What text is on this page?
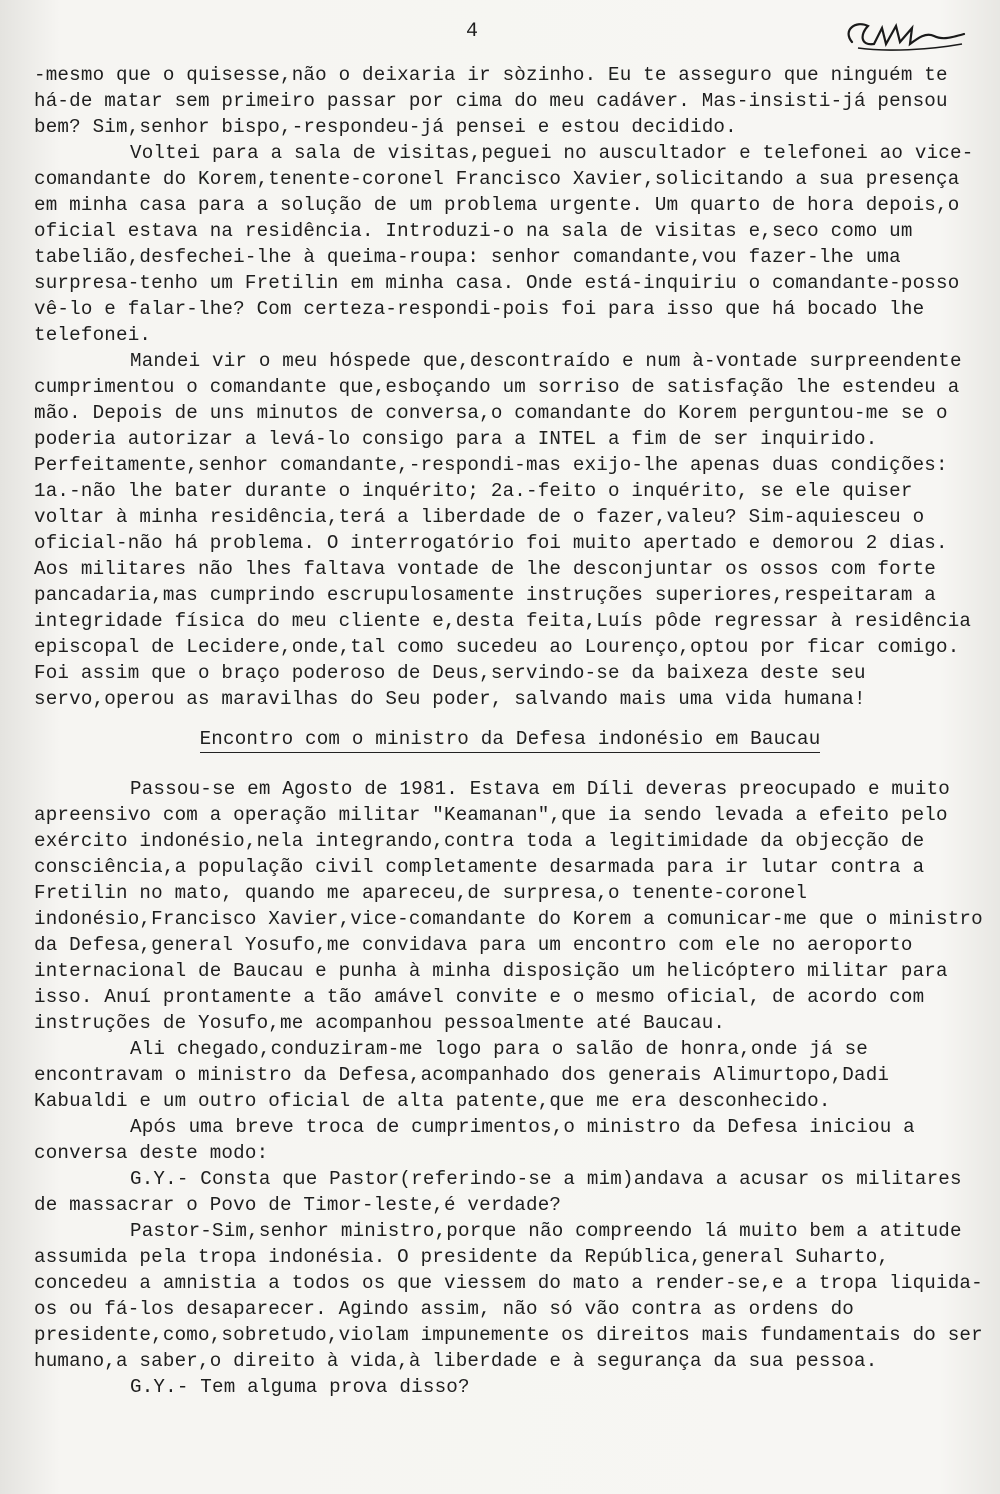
4

-mesmo que o quisesse,não o deixaria ir sòzinho. Eu te asseguro que ninguém te há-de matar sem primeiro passar por cima do meu cadáver. Mas-insisti-já pensou bem? Sim,senhor bispo,-respondeu-já pensei e estou decidido.

Voltei para a sala de visitas,peguei no auscultador e telefonei ao vice-comandante do Korem,tenente-coronel Francisco Xavier,solicitando a sua presença em minha casa para a solução de um problema urgente. Um quarto de hora depois,o oficial estava na residência. Introduzi-o na sala de visitas e,seco como um tabelião,desfechei-lhe à queima-roupa: senhor comandante,vou fazer-lhe uma surpresa-tenho um Fretilin em minha casa. Onde está-inquiriu o comandante-posso vê-lo e falar-lhe? Com certeza-respondi-pois foi para isso que há bocado lhe telefonei.

Mandei vir o meu hóspede que,descontraído e num à-vontade surpreendente cumprimentou o comandante que,esboçando um sorriso de satisfação lhe estendeu a mão. Depois de uns minutos de conversa,o comandante do Korem perguntou-me se o poderia autorizar a levá-lo consigo para a INTEL a fim de ser inquirido. Perfeitamente,senhor comandante,-respondi-mas exijo-lhe apenas duas condições: 1a.-não lhe bater durante o inquérito; 2a.-feito o inquérito, se ele quiser voltar à minha residência,terá a liberdade de o fazer,valeu? Sim-aquiesceu o oficial-não há problema. O interrogatório foi muito apertado e demorou 2 dias. Aos militares não lhes faltava vontade de lhe desconjuntar os ossos com forte pancadaria,mas cumprindo escrupulosamente instruções superiores,respeitaram a integridade física do meu cliente e,desta feita,Luís pôde regressar à residência episcopal de Lecidere,onde,tal como sucedeu ao Lourenço,optou por ficar comigo. Foi assim que o braço poderoso de Deus,servindo-se da baixeza deste seu servo,operou as maravilhas do Seu poder, salvando mais uma vida humana!

Encontro com o ministro da Defesa indonésio em Baucau

Passou-se em Agosto de 1981. Estava em Díli deveras preocupado e muito apreensivo com a operação militar "Keamanan",que ia sendo levada a efeito pelo exército indonésio,nela integrando,contra toda a legitimidade da objecção de consciência,a população civil completamente desarmada para ir lutar contra a Fretilin no mato, quando me apareceu,de surpresa,o tenente-coronel indonésio,Francisco Xavier,vice-comandante do Korem a comunicar-me que o ministro da Defesa,general Yosufo,me convidava para um encontro com ele no aeroporto internacional de Baucau e punha à minha disposição um helicóptero militar para isso. Anuí prontamente a tão amável convite e o mesmo oficial, de acordo com instruções de Yosufo,me acompanhou pessoalmente até Baucau.

Ali chegado,conduziram-me logo para o salão de honra,onde já se encontravam o ministro da Defesa,acompanhado dos generais Alimurtopo,Dadi Kabualdi e um outro oficial de alta patente,que me era desconhecido.

Após uma breve troca de cumprimentos,o ministro da Defesa iniciou a conversa deste modo:

G.Y.- Consta que Pastor(referindo-se a mim)andava a acusar os militares de massacrar o Povo de Timor-leste,é verdade?

Pastor-Sim,senhor ministro,porque não compreendo lá muito bem a atitude assumida pela tropa indonésia. O presidente da República,general Suharto, concedeu a amnistia a todos os que viessem do mato a render-se,e a tropa liquida-os ou fá-los desaparecer. Agindo assim, não só vão contra as ordens do presidente,como,sobretudo,violam impunemente os direitos mais fundamentais do ser humano,a saber,o direito à vida,à liberdade e à segurança da sua pessoa.

G.Y.- Tem alguma prova disso?
